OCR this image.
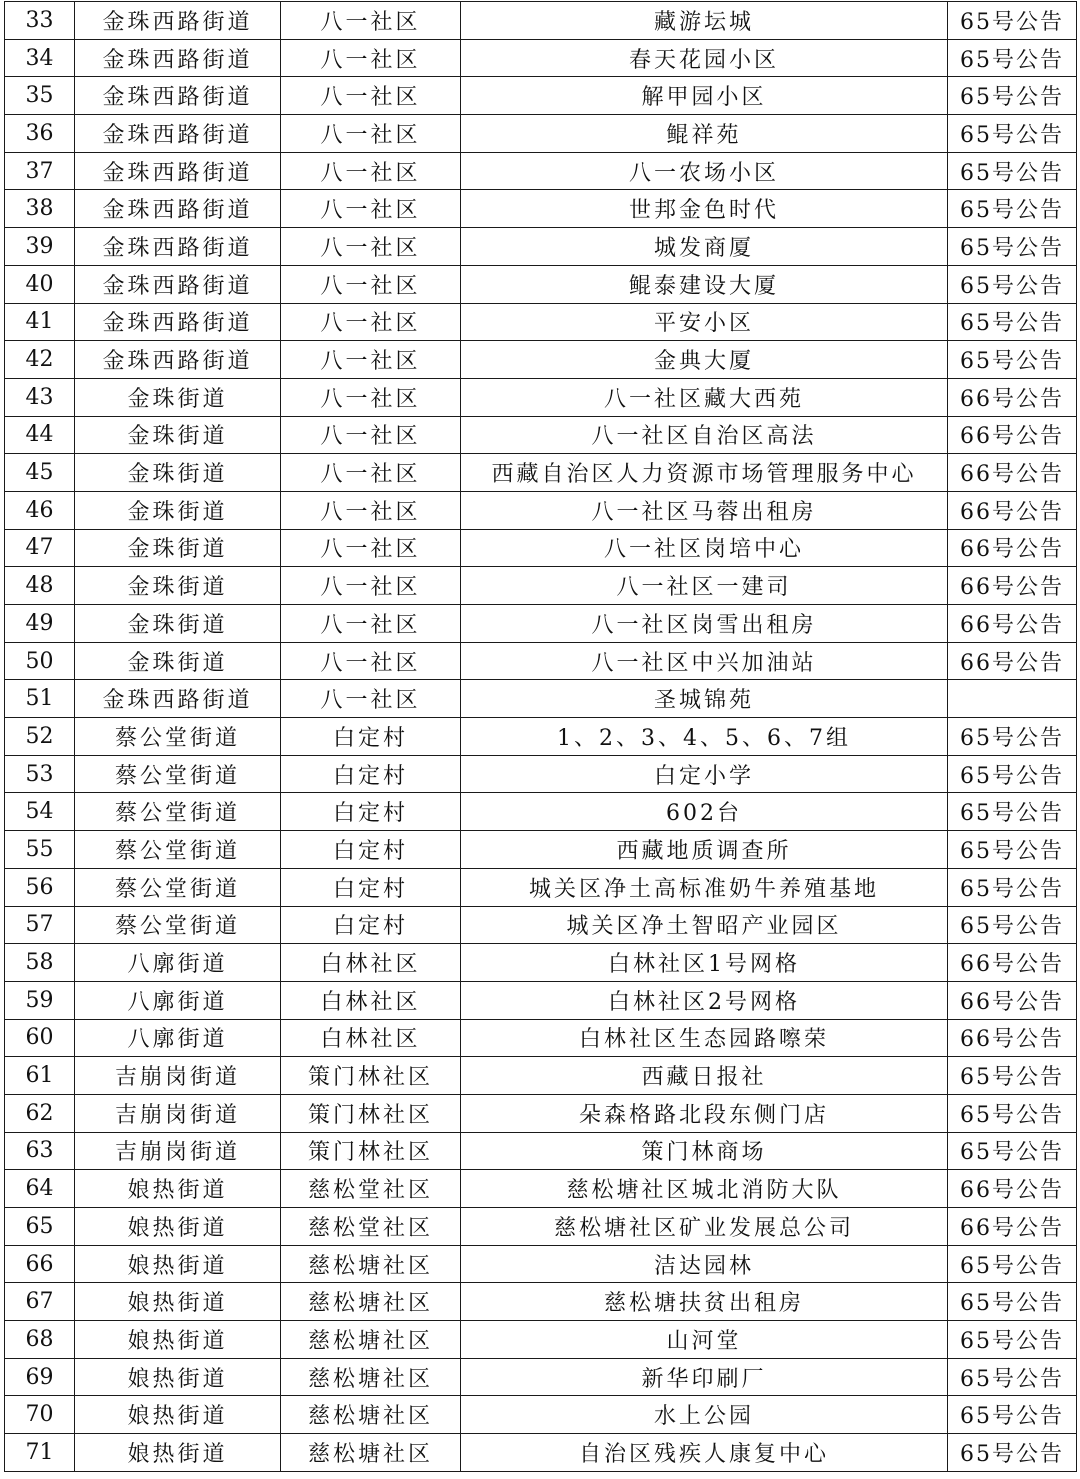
33	金珠西路街道	八一社区	藏游坛城	65号公告
34	金珠西路街道	八一社区	春天花园小区	65号公告
35	金珠西路街道	八一社区	解甲园小区	65号公告
36	金珠西路街道	八一社区	鲲祥苑	65号公告
37	金珠西路街道	八一社区	八一农场小区	65号公告
38	金珠西路街道	八一社区	世邦金色时代	65号公告
39	金珠西路街道	八一社区	城发商厦	65号公告
40	金珠西路街道	八一社区	鲲泰建设大厦	65号公告
41	金珠西路街道	八一社区	平安小区	65号公告
42	金珠西路街道	八一社区	金典大厦	65号公告
43	金珠街道	八一社区	八一社区藏大西苑	66号公告
44	金珠街道	八一社区	八一社区自治区高法	66号公告
45	金珠街道	八一社区	西藏自治区人力资源市场管理服务中心	66号公告
46	金珠街道	八一社区	八一社区马蓉出租房	66号公告
47	金珠街道	八一社区	八一社区岗培中心	66号公告
48	金珠街道	八一社区	八一社区一建司	66号公告
49	金珠街道	八一社区	八一社区岗雪出租房	66号公告
50	金珠街道	八一社区	八一社区中兴加油站	66号公告
51	金珠西路街道	八一社区	圣城锦苑	
52	蔡公堂街道	白定村	1、2、3、4、5、6、7组	65号公告
53	蔡公堂街道	白定村	白定小学	65号公告
54	蔡公堂街道	白定村	602台	65号公告
55	蔡公堂街道	白定村	西藏地质调查所	65号公告
56	蔡公堂街道	白定村	城关区净土高标准奶牛养殖基地	65号公告
57	蔡公堂街道	白定村	城关区净土智昭产业园区	65号公告
58	八廓街道	白林社区	白林社区1号网格	66号公告
59	八廓街道	白林社区	白林社区2号网格	66号公告
60	八廓街道	白林社区	白林社区生态园路嚓荣	66号公告
61	吉崩岗街道	策门林社区	西藏日报社	65号公告
62	吉崩岗街道	策门林社区	朵森格路北段东侧门店	65号公告
63	吉崩岗街道	策门林社区	策门林商场	65号公告
64	娘热街道	慈松堂社区	慈松塘社区城北消防大队	66号公告
65	娘热街道	慈松堂社区	慈松塘社区矿业发展总公司	66号公告
66	娘热街道	慈松塘社区	洁达园林	65号公告
67	娘热街道	慈松塘社区	慈松塘扶贫出租房	65号公告
68	娘热街道	慈松塘社区	山河堂	65号公告
69	娘热街道	慈松塘社区	新华印刷厂	65号公告
70	娘热街道	慈松塘社区	水上公园	65号公告
71	娘热街道	慈松塘社区	自治区残疾人康复中心	65号公告
